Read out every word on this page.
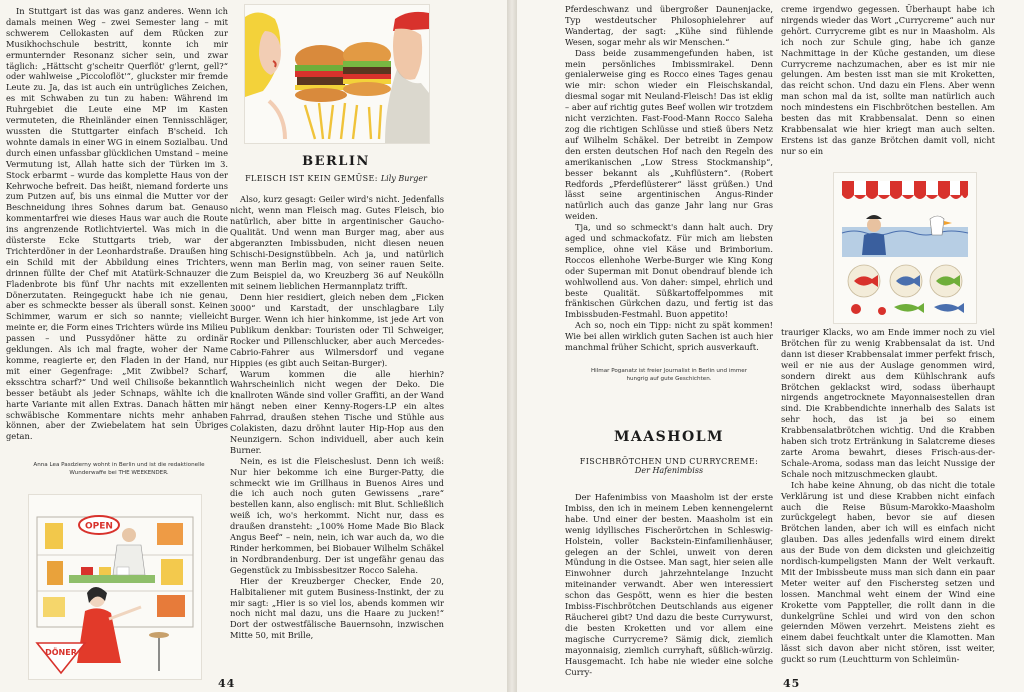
In Stuttgart ist das was ganz anderes. Wenn ich damals meinen Weg – zwei Semester lang – mit schwerem Cellokasten auf dem Rücken zur Musikhochschule bestritt, konnte ich mir ermunternder Resonanz sicher sein, und zwar täglich: „Hättscht g'scheitr Querflöt' g'lernt, gell?“ oder wahlweise „Piccoloflöt'“, gluckster mir fremde Leute zu. Ja, das ist auch ein untrügliches Zeichen, es mit Schwaben zu tun zu haben: Während im Ruhrgebiet die Leute eine MP im Kasten vermuteten, die Rheinländer einen Tennisschläger, wussten die Stuttgarter einfach B'scheid. Ich wohnte damals in einer WG in einem Sozialbau. Und durch einen unfassbar glücklichen Umstand – meine Vermutung ist, Allah hatte sich der Türken im 3. Stock erbarmt – wurde das komplette Haus von der Kehrwoche befreit. Das heißt, niemand forderte uns zum Putzen auf, bis uns einmal die Mutter vor der Beschneidung ihres Sohnes darum bat. Genauso kommentarfrei wie dieses Haus war auch die Route ins angrenzende Rotlichtviertel. Was mich in die düsterste Ecke Stuttgarts trieb, war der Trichterdöner in der Leonhardstraße. Draußen hing ein Schild mit der Abbildung eines Trichters, drinnen füllte der Chef mit Atatürk-Schnauzer die Fladenbrote bis fünf Uhr nachts mit exzellenten Dönerzutaten. Reingeguckt habe ich nie genau, aber es schmeckte besser als überall sonst. Keinen Schimmer, warum er sich so nannte; vielleicht meinte er, die Form eines Trichters würde ins Milieu passen – und Pussydöner hätte zu ordinär geklungen. Als ich mal fragte, woher der Name komme, reagierte er, den Fladen in der Hand, nur mit einer Gegenfrage: „Mit Zwibbel? Scharf, eksschtra scharf?“ Und weil Chilisoße bekanntlich besser betäubt als jeder Schnaps, wählte ich die harte Variante mit allen Extras. Danach hätten mir schwäbische Kommentare nichts mehr anhaben können, aber der Zwiebelatem hat sein Übriges getan.

Anna Lea Pasdzierny wohnt in Berlin und ist die redaktionelle Wunderwaffe bei THE WEEKENDER.
OPEN
DÖNER
BERLIN
FLEISCH IST KEIN GEMÜSE: Lily Burger

Also, kurz gesagt: Geiler wird's nicht. Jedenfalls nicht, wenn man Fleisch mag. Gutes Fleisch, bio natürlich, aber bitte in argentinischer Gaucho-Qualität. Und wenn man Burger mag, aber aus abgeranzten Imbissbuden, nicht diesen neuen Schischi-Designstübbeln. Ach ja, und natürlich wenn man Berlin mag, von seiner rauen Seite. Zum Beispiel da, wo Kreuzberg 36 auf Neukölln mit seinem lieblichen Hermannplatz trifft.

Denn hier residiert, gleich neben dem „Ficken 3000“ und Karstadt, der unschlagbare Lily Burger. Wenn ich hier hinkomme, ist jede Art von Publikum denkbar: Touristen oder Til Schweiger, Rocker und Pillenschlucker, aber auch Mercedes-Cabrio-Fahrer aus Wilmersdorf und vegane Hippies (es gibt auch Seitan-Burger).

Warum kommen die alle hierhin? Wahrscheinlich nicht wegen der Deko. Die knallroten Wände sind voller Graffiti, an der Wand hängt neben einer Kenny-Rogers-LP ein altes Fahrrad, draußen stehen Tische und Stühle aus Colakisten, dazu dröhnt lauter Hip-Hop aus den Neunzigern. Schon individuell, aber auch kein Burner.

Nein, es ist die Fleischeslust. Denn ich weiß: Nur hier bekomme ich eine Burger-Patty, die schmeckt wie im Grillhaus in Buenos Aires und die ich auch noch guten Gewissens „rare“ bestellen kann, also englisch: mit Blut. Schließlich weiß ich, wo's herkommt. Nicht nur, dass es draußen dransteht: „100% Home Made Bio Black Angus Beef“ – nein, nein, ich war auch da, wo die Rinder herkommen, bei Biobauer Wilhelm Schäkel in Nordbrandenburg. Der ist ungefähr genau das Gegenstück zu Imbissbesitzer Rocco Saleha.

Hier der Kreuzberger Checker, Ende 20, Halbitaliener mit gutem Business-Instinkt, der zu mir sagt: „Hier is so viel los, abends kommen wir noch nicht mal dazu, uns die Haare zu jucken!“ Dort der ostwestfälische Bauernsohn, inzwischen Mitte 50, mit Brille,

44

Pferdeschwanz und übergroßer Daunenjacke, Typ westdeutscher Philosophielehrer auf Wandertag, der sagt: „Kühe sind fühlende Wesen, sogar mehr als wir Menschen.“

Dass beide zusammengefunden haben, ist mein persönliches Imbissmirakel. Denn genialerweise ging es Rocco eines Tages genau wie mir: schon wieder ein Fleischskandal, diesmal sogar mit Neuland-Fleisch! Das ist eklig – aber auf richtig gutes Beef wollen wir trotzdem nicht verzichten. Fast-Food-Mann Rocco Saleha zog die richtigen Schlüsse und stieß übers Netz auf Wilhelm Schäkel. Der betreibt in Zempow den ersten deutschen Hof nach den Regeln des amerikanischen „Low Stress Stockmanship“, besser bekannt als „Kuhflüstern“. (Robert Redfords „Pferdeflüsterer“ lässt grüßen.) Und lässt seine argentinischen Angus-Rinder natürlich auch das ganze Jahr lang nur Gras weiden.

Tja, und so schmeckt's dann halt auch. Dry aged und schmackofatz. Für mich am liebsten semplice, ohne viel Käse und Brimborium. Roccos ellenhohe Werbe-Burger wie King Kong oder Superman mit Donut obendrauf blende ich wohlwollend aus. Von daher: simpel, ehrlich und beste Qualität. Süßkartoffelpommes mit fränkischen Gürkchen dazu, und fertig ist das Imbissbuden-Festmahl. Buon appetito!

Ach so, noch ein Tipp: nicht zu spät kommen! Wie bei allen wirklich guten Sachen ist auch hier manchmal früher Schicht, sprich ausverkauft.

Hilmar Poganatz ist freier Journalist in Berlin und immer hungrig auf gute Geschichten.
MAASHOLM
FISCHBRÖTCHEN UND CURRYCREME:
Der Hafenimbiss

Der Hafenimbiss von Maasholm ist der erste Imbiss, den ich in meinem Leben kennengelernt habe. Und einer der besten. Maasholm ist ein wenig idyllisches Fischerörtchen in Schleswig-Holstein, voller Backstein-Einfamilienhäuser, gelegen an der Schlei, unweit von deren Mündung in die Ostsee. Man sagt, hier seien alle Einwohner durch jahrzehntelange Inzucht miteinander verwandt. Aber wen interessiert schon das Gespött, wenn es hier die besten Imbiss-Fischbrötchen Deutschlands aus eigener Räucherei gibt? Und dazu die beste Currywurst, die besten Kroketten und vor allem eine magische Currycreme? Sämig dick, ziemlich mayonnaisig, ziemlich curryhaft, süßlich-würzig. Hausgemacht. Ich habe nie wieder eine solche Curry-

creme irgendwo gegessen. Überhaupt habe ich nirgends wieder das Wort „Currycreme“ auch nur gehört. Currycreme gibt es nur in Maasholm. Als ich noch zur Schule ging, habe ich ganze Nachmittage in der Küche gestanden, um diese Currycreme nachzumachen, aber es ist mir nie gelungen. Am besten isst man sie mit Kroketten, das reicht schon. Und dazu ein Flens. Aber wenn man schon mal da ist, sollte man natürlich auch noch mindestens ein Fischbrötchen bestellen. Am besten das mit Krabbensalat. Denn so einen Krabbensalat wie hier kriegt man auch selten. Erstens ist das ganze Brötchen damit voll, nicht nur so ein

trauriger Klacks, wo am Ende immer noch zu viel Brötchen für zu wenig Krabbensalat da ist. Und dann ist dieser Krabbensalat immer perfekt frisch, weil er nie aus der Auslage genommen wird, sondern direkt aus dem Kühlschrank aufs Brötchen geklackst wird, sodass überhaupt nirgends angetrocknete Mayonnaisestellen dran sind. Die Krabbendichte innerhalb des Salats ist sehr hoch, das ist ja bei so einem Krabbensalatbrötchen wichtig. Und die Krabben haben sich trotz Ertränkung in Salatcreme dieses zarte Aroma bewahrt, dieses Frisch-aus-der-Schale-Aroma, sodass man das leicht Nussige der Schale noch mitzuschmecken glaubt.

Ich habe keine Ahnung, ob das nicht die totale Verklärung ist und diese Krabben nicht einfach auch die Reise Büsum-Marokko-Maasholm zurückgelegt haben, bevor sie auf diesen Brötchen landen, aber ich will es einfach nicht glauben. Das alles jedenfalls wird einem direkt aus der Bude von dem dicksten und gleichzeitig nordisch-kumpeligsten Mann der Welt verkauft. Mit der Imbissbeute muss man sich dann ein paar Meter weiter auf den Fischersteg setzen und lossen. Manchmal weht einem der Wind eine Krokette vom Pappteller, die rollt dann in die dunkelgrüne Schlei und wird von den schon geiernden Möwen verzehrt. Meistens zieht es einem dabei feuchtkalt unter die Klamotten. Man lässt sich davon aber nicht stören, isst weiter, guckt so rum (Leuchtturm von Schleimün-

45
